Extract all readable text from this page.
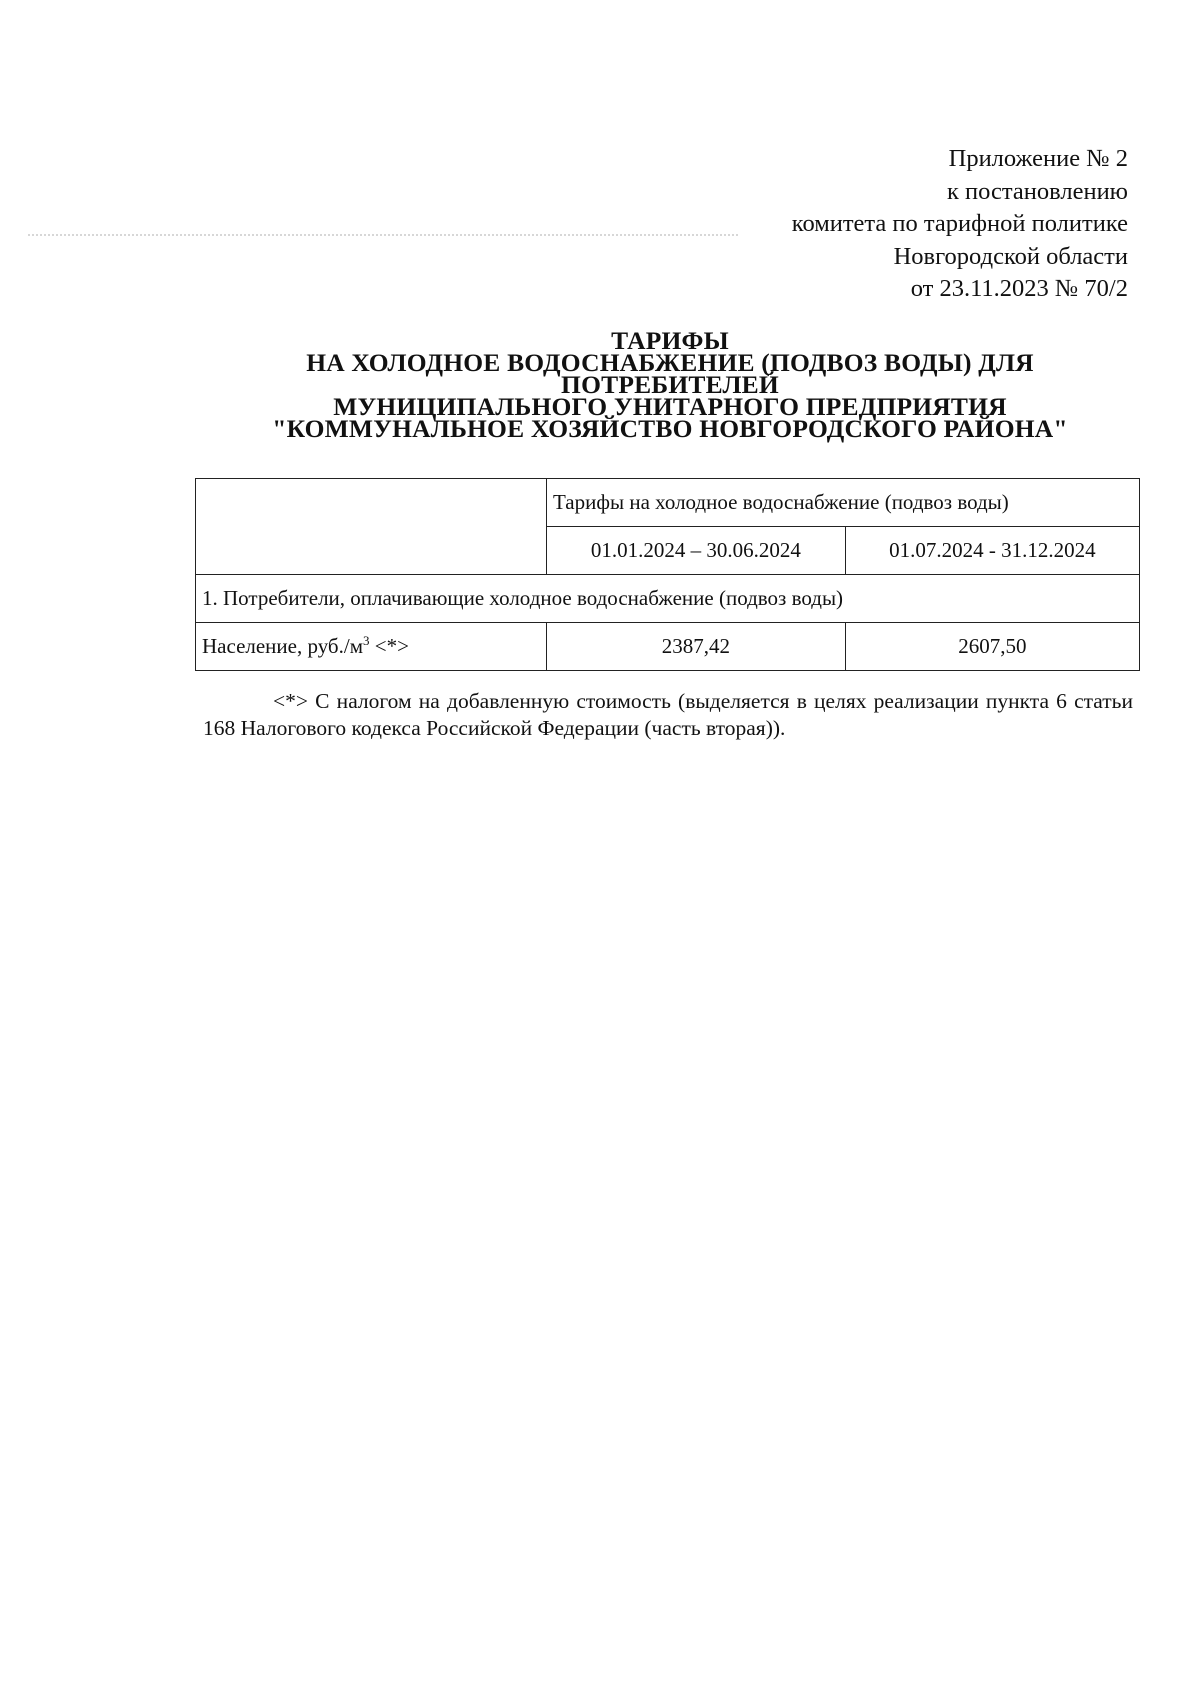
Приложение № 2
к постановлению
комитета по тарифной политике
Новгородской области
от 23.11.2023 № 70/2
ТАРИФЫ
НА ХОЛОДНОЕ ВОДОСНАБЖЕНИЕ (ПОДВОЗ ВОДЫ) ДЛЯ
ПОТРЕБИТЕЛЕЙ
МУНИЦИПАЛЬНОГО УНИТАРНОГО ПРЕДПРИЯТИЯ
"КОММУНАЛЬНОЕ ХОЗЯЙСТВО НОВГОРОДСКОГО РАЙОНА"
	Тарифы на холодное водоснабжение (подвоз воды)	
	01.01.2024 – 30.06.2024	01.07.2024 - 31.12.2024
1. Потребители, оплачивающие холодное водоснабжение (подвоз воды)		
Население, $руб./м^3$ <*>	2387,42	2607,50
<*> С налогом на добавленную стоимость (выделяется в целях реализации пункта 6 статьи 168 Налогового кодекса Российской Федерации (часть вторая)).
